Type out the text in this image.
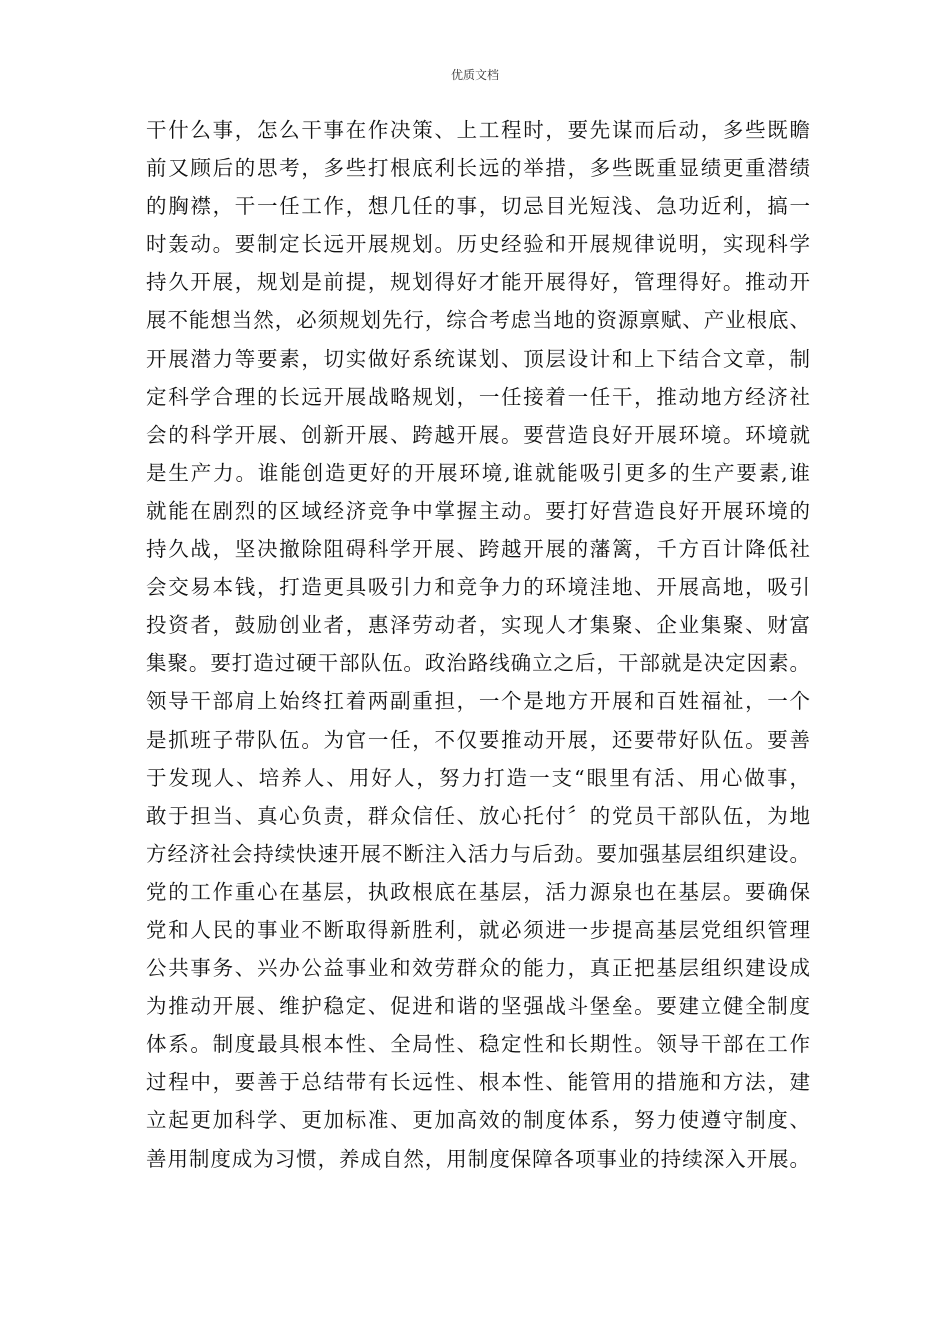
优质文档
干什么事，怎么干事在作决策、上工程时，要先谋而后动，多些既瞻
前又顾后的思考，多些打根底利长远的举措，多些既重显绩更重潜绩
的胸襟，干一任工作，想几任的事，切忌目光短浅、急功近利，搞一
时轰动。要制定长远开展规划。历史经验和开展规律说明，实现科学
持久开展，规划是前提，规划得好才能开展得好，管理得好。推动开
展不能想当然，必须规划先行，综合考虑当地的资源禀赋、产业根底、
开展潜力等要素，切实做好系统谋划、顶层设计和上下结合文章，制
定科学合理的长远开展战略规划，一任接着一任干，推动地方经济社
会的科学开展、创新开展、跨越开展。要营造良好开展环境。环境就
是生产力。谁能创造更好的开展环境,谁就能吸引更多的生产要素,谁
就能在剧烈的区域经济竞争中掌握主动。要打好营造良好开展环境的
持久战，坚决撤除阻碍科学开展、跨越开展的藩篱，千方百计降低社
会交易本钱，打造更具吸引力和竞争力的环境洼地、开展高地，吸引
投资者，鼓励创业者，惠泽劳动者，实现人才集聚、企业集聚、财富
集聚。要打造过硬干部队伍。政治路线确立之后，干部就是决定因素。
领导干部肩上始终扛着两副重担，一个是地方开展和百姓福祉，一个
是抓班子带队伍。为官一任，不仅要推动开展，还要带好队伍。要善
于发现人、培养人、用好人，努力打造一支“眼里有活、用心做事，
敢于担当、真心负责，群众信任、放心托付〞的党员干部队伍，为地
方经济社会持续快速开展不断注入活力与后劲。要加强基层组织建设。
党的工作重心在基层，执政根底在基层，活力源泉也在基层。要确保
党和人民的事业不断取得新胜利，就必须进一步提高基层党组织管理
公共事务、兴办公益事业和效劳群众的能力，真正把基层组织建设成
为推动开展、维护稳定、促进和谐的坚强战斗堡垒。要建立健全制度
体系。制度最具根本性、全局性、稳定性和长期性。领导干部在工作
过程中，要善于总结带有长远性、根本性、能管用的措施和方法，建
立起更加科学、更加标准、更加高效的制度体系，努力使遵守制度、
善用制度成为习惯，养成自然，用制度保障各项事业的持续深入开展。
